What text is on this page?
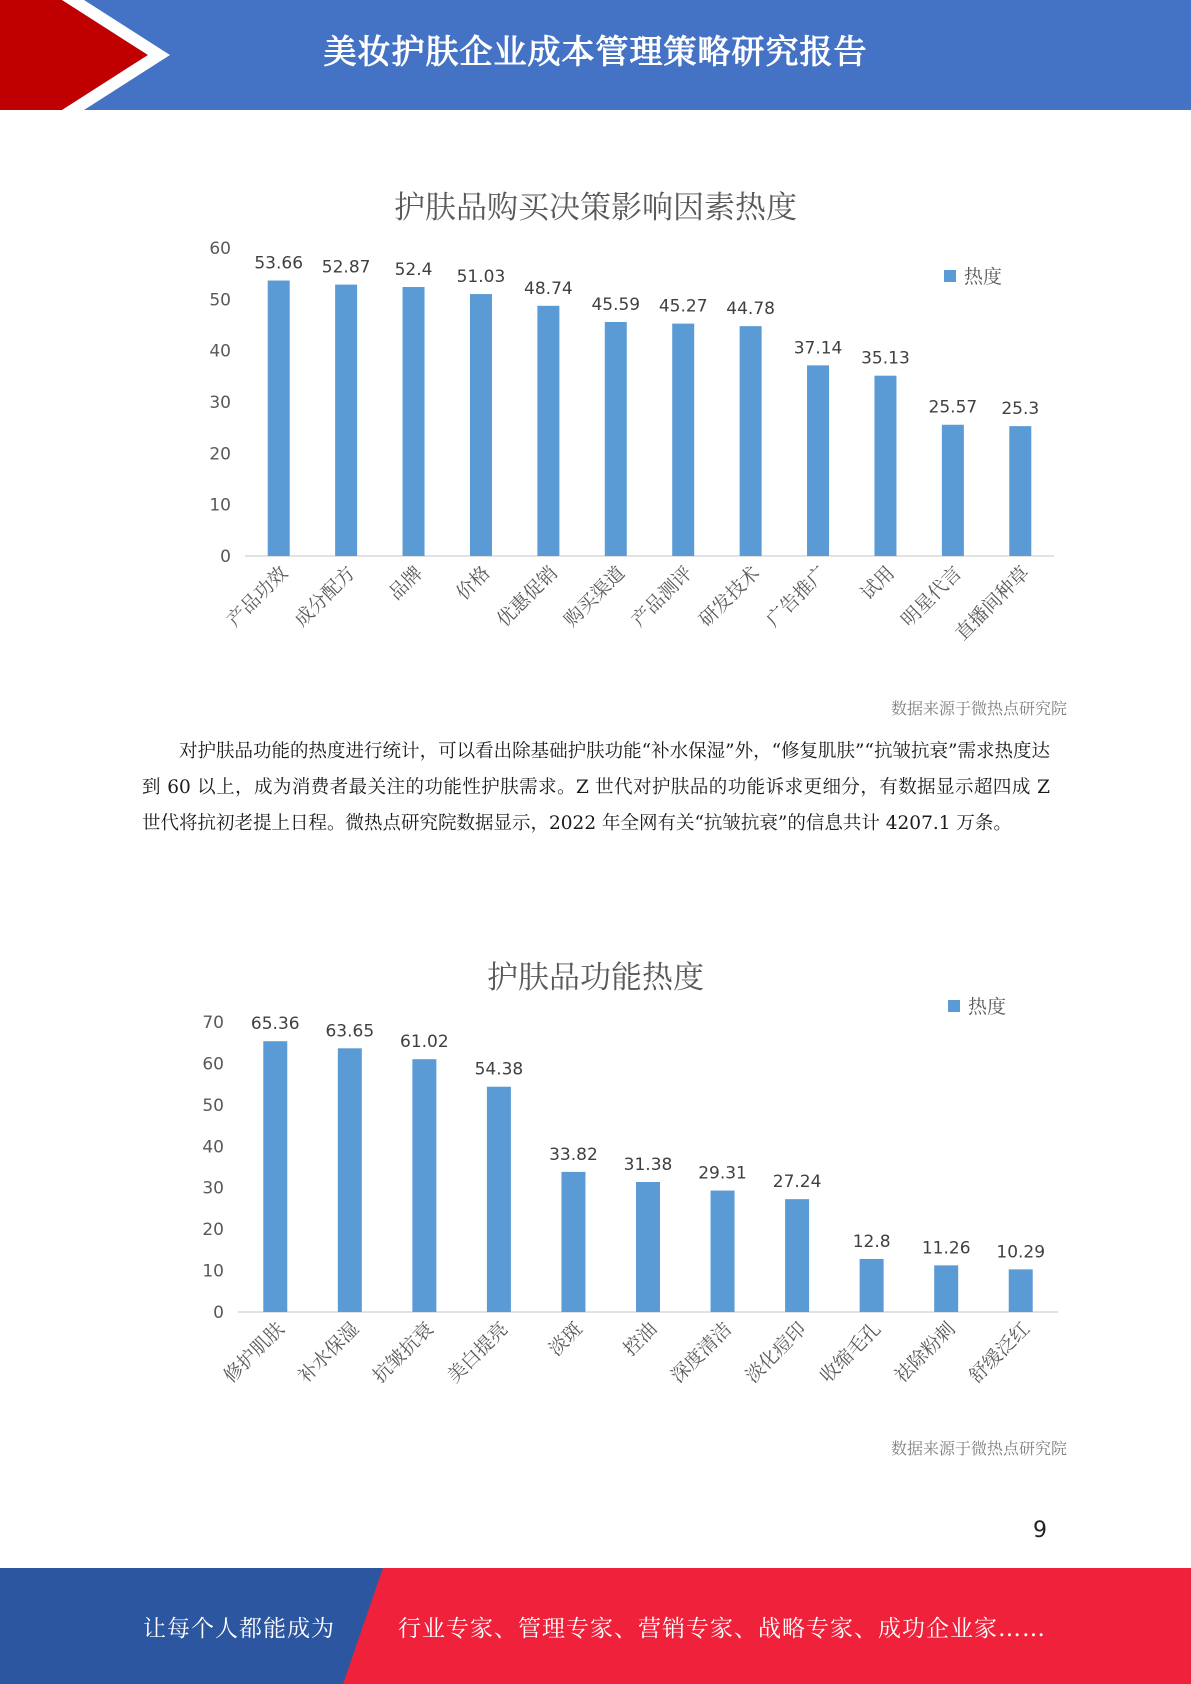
美妆护肤企业成本管理策略研究报告
护肤品购买决策影响因素热度
0
10
20
30
40
50
60
53.66
产品功效
52.87
成分配方
52.4
品牌
51.03
价格
48.74
优惠促销
45.59
购买渠道
45.27
产品测评
44.78
研发技术
37.14
广告推广
35.13
试用
25.57
明星代言
25.3
直播间种草
热度
数据来源于微热点研究院
对护肤品功能的热度进行统计，可以看出除基础护肤功能“补水保湿”外，“修复肌肤”“抗皱抗衰”需求热度达到 60 以上，成为消费者最关注的功能性护肤需求。Z 世代对护肤品的功能诉求更细分，有数据显示超四成 Z 世代将抗初老提上日程。微热点研究院数据显示，2022 年全网有关“抗皱抗衰”的信息共计 4207.1 万条。
护肤品功能热度
0
10
20
30
40
50
60
70 65.36
修护肌肤
63.65
补水保湿
61.02
抗皱抗衰
54.38
美白提亮
33.82
淡斑
31.38
控油
29.31
深度清洁
27.24
淡化痘印
12.8
收缩毛孔
11.26
祛除粉刺
10.29
舒缓泛红
热度
数据来源于微热点研究院
9
让每个人都能成为	行业专家、管理专家、营销专家、战略专家、成功企业家……
